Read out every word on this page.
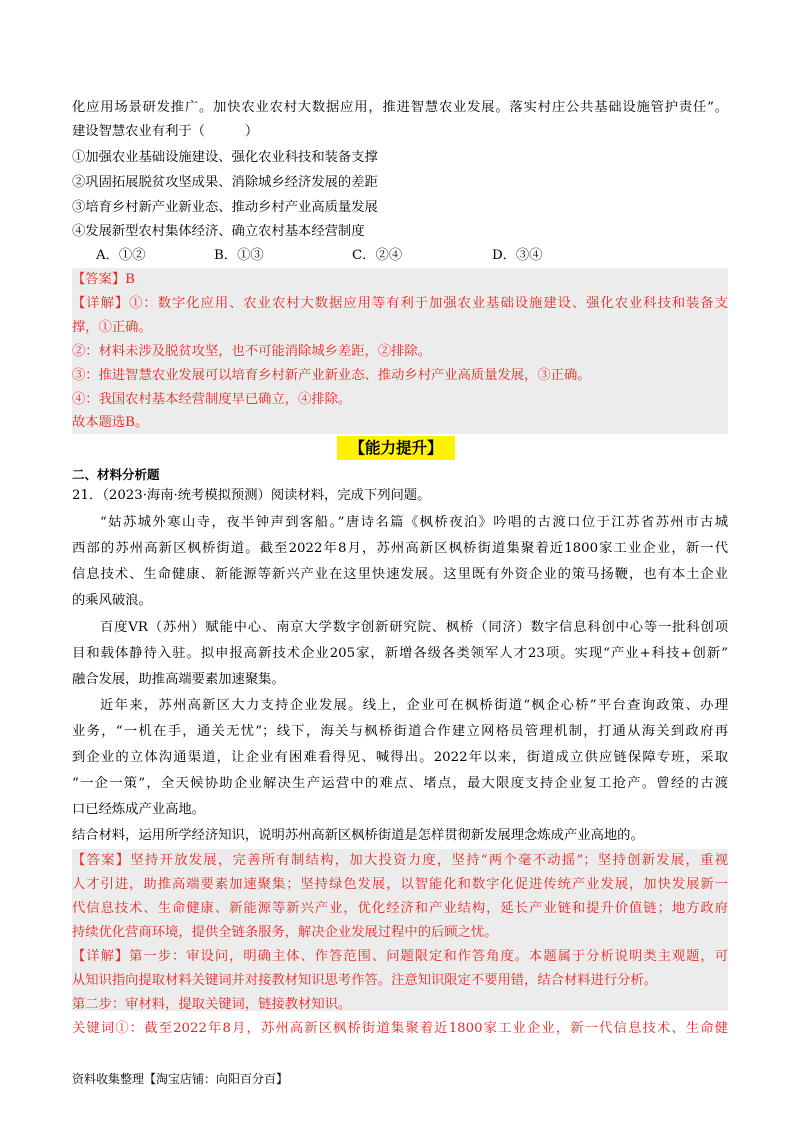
化应用场景研发推广。加快农业农村大数据应用，推进智慧农业发展。落实村庄公共基础设施管护责任”。
建设智慧农业有利于（　　　）
①加强农业基础设施建设、强化农业科技和装备支撑
②巩固拓展脱贫攻坚成果、消除城乡经济发展的差距
③培育乡村新产业新业态、推动乡村产业高质量发展
④发展新型农村集体经济、确立农村基本经营制度
A．①②	B．①③	C．②④	D．③④
【答案】B
【详解】①：数字化应用、农业农村大数据应用等有利于加强农业基础设施建设、强化农业科技和装备支
撑，①正确。
②：材料未涉及脱贫攻坚，也不可能消除城乡差距，②排除。
③：推进智慧农业发展可以培育乡村新产业新业态、推动乡村产业高质量发展，③正确。
④：我国农村基本经营制度早已确立，④排除。
故本题选B。
【能力提升】
二、材料分析题
21．（2023·海南·统考模拟预测）阅读材料，完成下列问题。
“姑苏城外寒山寺，夜半钟声到客船。”唐诗名篇《枫桥夜泊》吟唱的古渡口位于江苏省苏州市古城
西部的苏州高新区枫桥街道。截至2022年8月，苏州高新区枫桥街道集聚着近1800家工业企业，新一代
信息技术、生命健康、新能源等新兴产业在这里快速发展。这里既有外资企业的策马扬鞭，也有本土企业
的乘风破浪。
百度VR（苏州）赋能中心、南京大学数字创新研究院、枫桥（同济）数字信息科创中心等一批科创项
目和载体静待入驻。拟申报高新技术企业205家，新增各级各类领军人才23项。实现“产业+科技+创新”
融合发展，助推高端要素加速聚集。
近年来，苏州高新区大力支持企业发展。线上，企业可在枫桥街道“枫企心桥”平台查询政策、办理
业务，“一机在手，通关无忧”；线下，海关与枫桥街道合作建立网格员管理机制，打通从海关到政府再
到企业的立体沟通渠道，让企业有困难看得见、喊得出。2022年以来，街道成立供应链保障专班，采取
“一企一策”，全天候协助企业解决生产运营中的难点、堵点，最大限度支持企业复工抢产。曾经的古渡
口已经炼成产业高地。
结合材料，运用所学经济知识，说明苏州高新区枫桥街道是怎样贯彻新发展理念炼成产业高地的。
【答案】坚持开放发展，完善所有制结构，加大投资力度，坚持“两个毫不动摇”；坚持创新发展，重视
人才引进，助推高端要素加速聚集；坚持绿色发展，以智能化和数字化促进传统产业发展，加快发展新一
代信息技术、生命健康、新能源等新兴产业，优化经济和产业结构，延长产业链和提升价值链；地方政府
持续优化营商环境，提供全链条服务，解决企业发展过程中的后顾之忧。
【详解】第一步：审设问，明确主体、作答范围、问题限定和作答角度。本题属于分析说明类主观题，可
从知识指向提取材料关键词并对接教材知识思考作答。注意知识限定不要用错，结合材料进行分析。
第二步：审材料，提取关键词，链接教材知识。
关键词①：截至2022年8月，苏州高新区枫桥街道集聚着近1800家工业企业，新一代信息技术、生命健
资料收集整理【淘宝店铺：向阳百分百】
